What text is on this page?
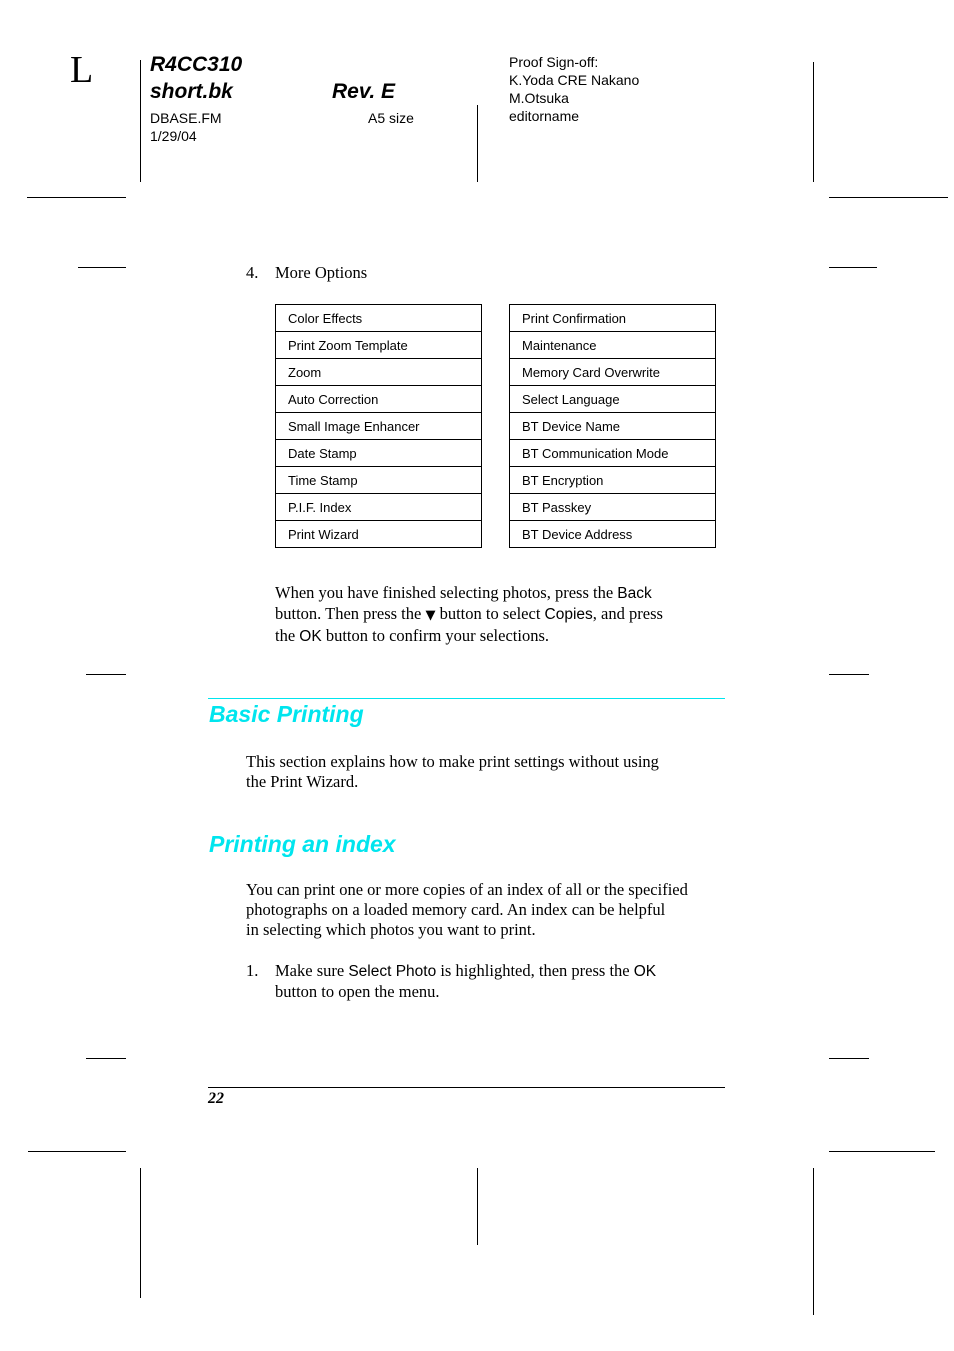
L	R4CC310
short.bk	Rev. E
DBASE.FM
1/29/04
A5 size
Proof Sign-off:
K.Yoda CRE Nakano
M.Otsuka
editorname
4. More Options
Color Effects
Print Zoom Template
Zoom
Auto Correction
Small Image Enhancer
Date Stamp
Time Stamp
P.I.F. Index
Print Wizard
Print Confirmation
Maintenance
Memory Card Overwrite
Select Language
BT Device Name
BT Communication Mode
BT Encryption
BT Passkey
BT Device Address
When you have finished selecting photos, press the Back
button. Then press the ▼ button to select Copies, and press
the OK button to confirm your selections.
Basic Printing
This section explains how to make print settings without using
the Print Wizard.
Printing an index
You can print one or more copies of an index of all or the specified
photographs on a loaded memory card. An index can be helpful
in selecting which photos you want to print.
1. Make sure Select Photo is highlighted, then press the OK
button to open the menu.
22
